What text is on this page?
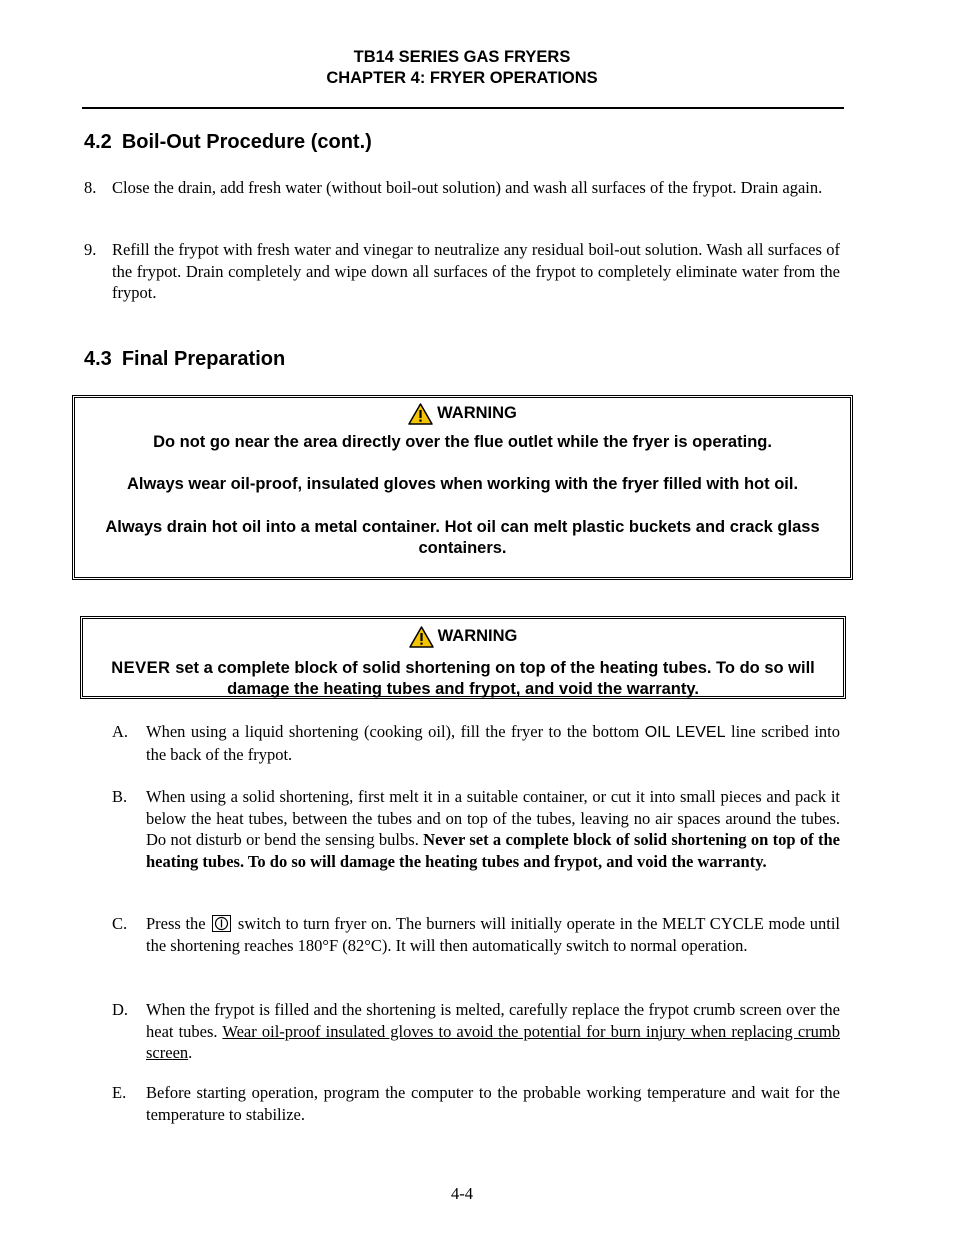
TB14 SERIES GAS FRYERS
CHAPTER 4: FRYER OPERATIONS
4.2 Boil-Out Procedure (cont.)
8. Close the drain, add fresh water (without boil-out solution) and wash all surfaces of the frypot. Drain again.
9. Refill the frypot with fresh water and vinegar to neutralize any residual boil-out solution. Wash all surfaces of the frypot. Drain completely and wipe down all surfaces of the frypot to completely eliminate water from the frypot.
4.3 Final Preparation

WARNING

Do not go near the area directly over the flue outlet while the fryer is operating.

Always wear oil-proof, insulated gloves when working with the fryer filled with hot oil.

Always drain hot oil into a metal container. Hot oil can melt plastic buckets and crack glass containers.

WARNING

NEVER set a complete block of solid shortening on top of the heating tubes. To do so will damage the heating tubes and frypot, and void the warranty.

A. When using a liquid shortening (cooking oil), fill the fryer to the bottom OIL LEVEL line scribed into the back of the frypot.
B. When using a solid shortening, first melt it in a suitable container, or cut it into small pieces and pack it below the heat tubes, between the tubes and on top of the tubes, leaving no air spaces around the tubes. Do not disturb or bend the sensing bulbs. Never set a complete block of solid shortening on top of the heating tubes. To do so will damage the heating tubes and frypot, and void the warranty.
C. Press the
switch to turn fryer on. The burners will initially operate in the MELT CYCLE mode until the shortening reaches 180°F (82°C). It will then automatically switch to normal operation.
D. When the frypot is filled and the shortening is melted, carefully replace the frypot crumb screen over the heat tubes. Wear oil-proof insulated gloves to avoid the potential for burn injury when replacing crumb screen.
E. Before starting operation, program the computer to the probable working temperature and wait for the temperature to stabilize.
4-4
